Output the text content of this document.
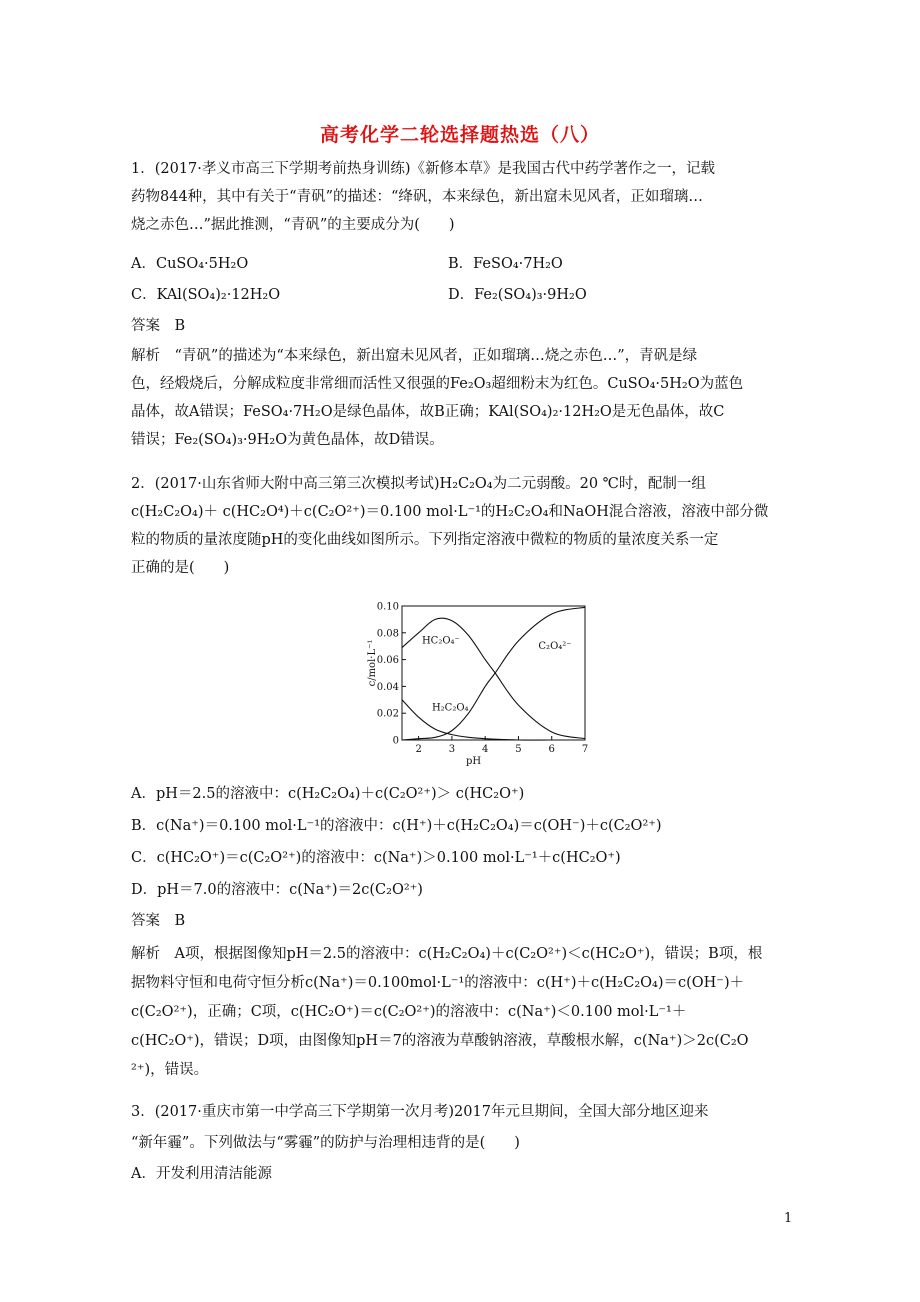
高考化学二轮选择题热选（八）
1．(2017·孝义市高三下学期考前热身训练)《新修本草》是我国古代中药学著作之一，记载
药物844种，其中有关于“青矾”的描述：“绛矾，本来绿色，新出窟未见风者，正如瑠璃…
烧之赤色…”据此推测，“青矾”的主要成分为(　　)
A．CuSO₄·5H₂O	B．FeSO₄·7H₂O
C．KAl(SO₄)₂·12H₂O	D．Fe₂(SO₄)₃·9H₂O
答案　B
解析　“青矾”的描述为“本来绿色，新出窟未见风者，正如瑠璃…烧之赤色…”，青矾是绿
色，经煅烧后，分解成粒度非常细而活性又很强的Fe₂O₃超细粉末为红色。CuSO₄·5H₂O为蓝色
晶体，故A错误；FeSO₄·7H₂O是绿色晶体，故B正确；KAl(SO₄)₂·12H₂O是无色晶体，故C
错误；Fe₂(SO₄)₃·9H₂O为黄色晶体，故D错误。
2．(2017·山东省师大附中高三第三次模拟考试)H₂C₂O₄为二元弱酸。20 ℃时，配制一组
c(H₂C₂O₄)＋ c(HC₂O⁴)＋c(C₂O²⁺)＝0.100 mol·L⁻¹的H₂C₂O₄和NaOH混合溶液，溶液中部分微
粒的物质的量浓度随pH的变化曲线如图所示。下列指定溶液中微粒的物质的量浓度关系一定
正确的是(　　)
0
0.02
0.04
0.06
0.08
0.10
2	3	4	5	6	7
pH
c/mol·L⁻¹	HC₂O₄⁻	C₂O₄²⁻
H₂C₂O₄
A．pH＝2.5的溶液中：c(H₂C₂O₄)＋c(C₂O²⁺)＞ c(HC₂O⁺)
B．c(Na⁺)＝0.100 mol·L⁻¹的溶液中：c(H⁺)＋c(H₂C₂O₄)＝c(OH⁻)＋c(C₂O²⁺)
C．c(HC₂O⁺)＝c(C₂O²⁺)的溶液中：c(Na⁺)＞0.100 mol·L⁻¹＋c(HC₂O⁺)
D．pH＝7.0的溶液中：c(Na⁺)＝2c(C₂O²⁺)
答案　B
解析　A项，根据图像知pH＝2.5的溶液中：c(H₂C₂O₄)＋c(C₂O²⁺)＜c(HC₂O⁺)，错误；B项，根
据物料守恒和电荷守恒分析c(Na⁺)＝0.100mol·L⁻¹的溶液中：c(H⁺)＋c(H₂C₂O₄)＝c(OH⁻)＋
c(C₂O²⁺)，正确；C项，c(HC₂O⁺)＝c(C₂O²⁺)的溶液中：c(Na⁺)＜0.100 mol·L⁻¹＋
c(HC₂O⁺)，错误；D项，由图像知pH＝7的溶液为草酸钠溶液，草酸根水解，c(Na⁺)＞2c(C₂O
²⁺)，错误。
3．(2017·重庆市第一中学高三下学期第一次月考)2017年元旦期间，全国大部分地区迎来
“新年霾”。下列做法与“雾霾”的防护与治理相违背的是(　　)
A．开发利用清洁能源
1
